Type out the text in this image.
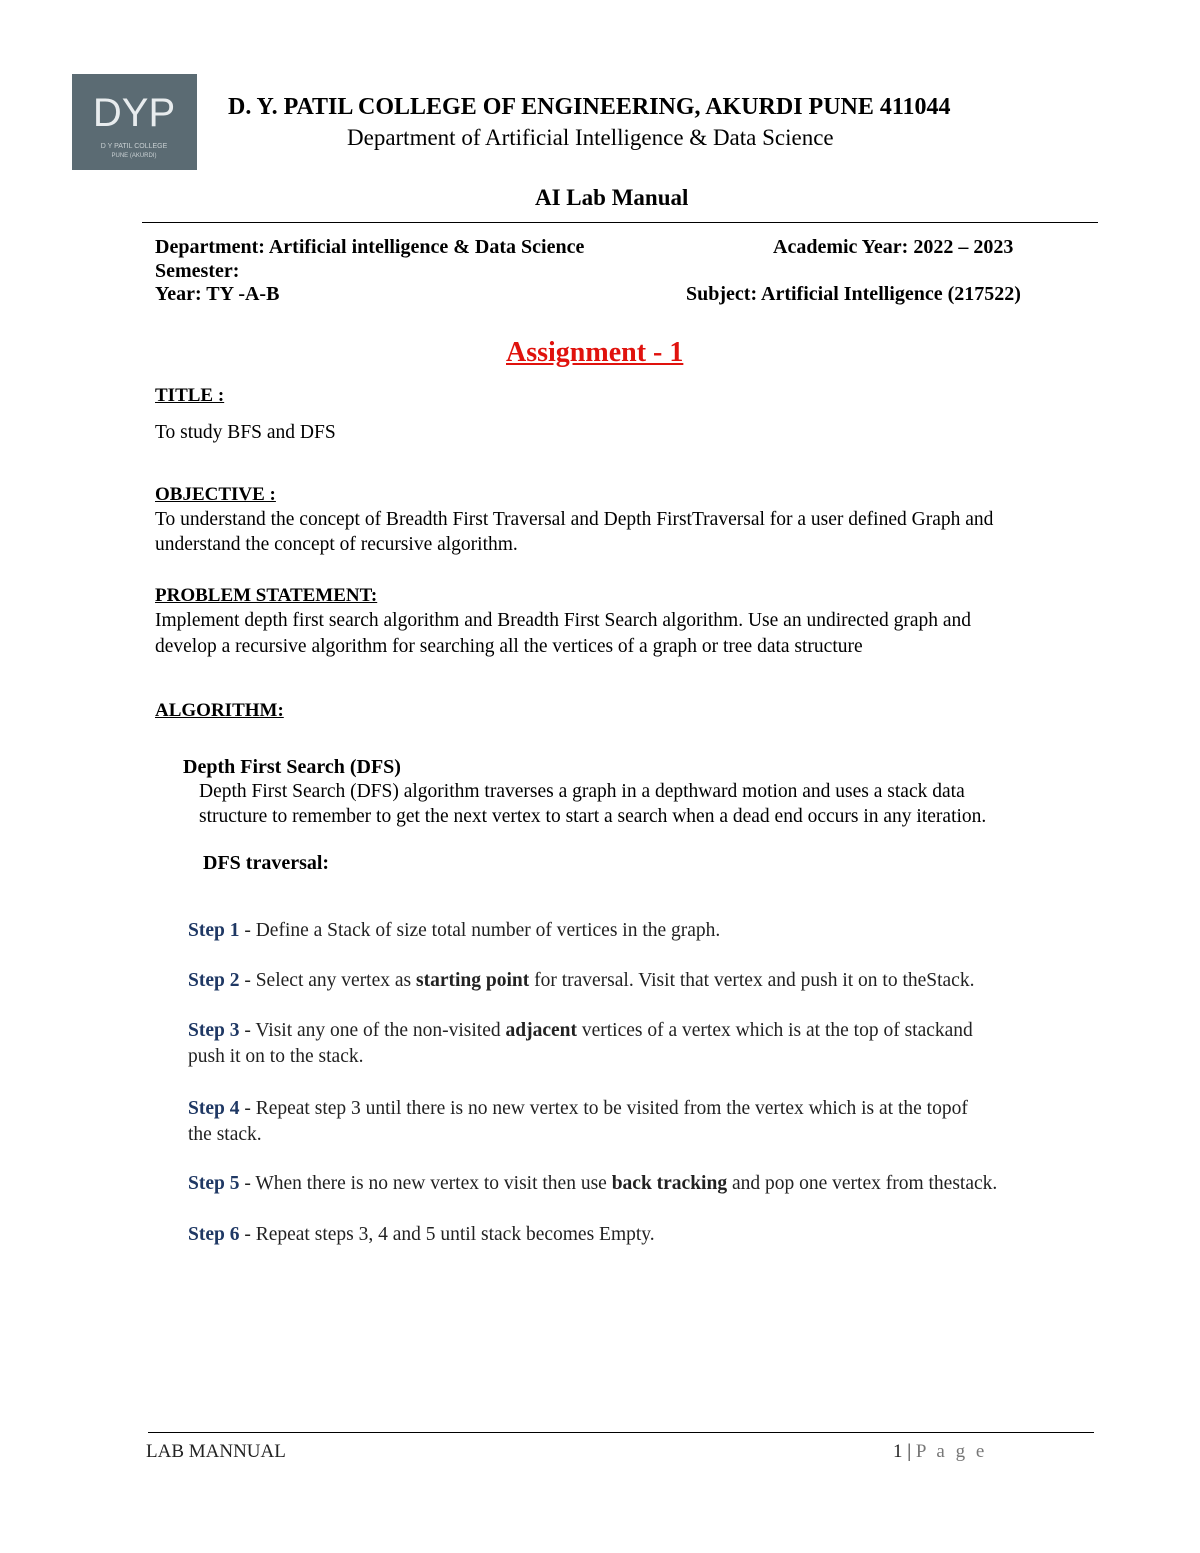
DYP
D Y PATIL COLLEGE
PUNE (AKURDI)
D. Y. PATIL COLLEGE OF ENGINEERING, AKURDI PUNE 411044
Department of Artificial Intelligence & Data Science
AI Lab Manual
Department: Artificial intelligence & Data Science	Academic Year: 2022 – 2023
Semester:
Year: TY -A-B	Subject: Artificial Intelligence (217522)
Assignment - 1
TITLE :
To study BFS and DFS
OBJECTIVE :
To understand the concept of Breadth First Traversal and Depth FirstTraversal for a user defined Graph and
understand the concept of recursive algorithm.
PROBLEM STATEMENT:
Implement depth first search algorithm and Breadth First Search algorithm. Use an undirected graph and
develop a recursive algorithm for searching all the vertices of a graph or tree data structure
ALGORITHM:
Depth First Search (DFS)
Depth First Search (DFS) algorithm traverses a graph in a depthward motion and uses a stack data
structure to remember to get the next vertex to start a search when a dead end occurs in any iteration.
DFS traversal:
Step 1 - Define a Stack of size total number of vertices in the graph.
Step 2 - Select any vertex as starting point for traversal. Visit that vertex and push it on to theStack.
Step 3 - Visit any one of the non-visited adjacent vertices of a vertex which is at the top of stackand
push it on to the stack.
Step 4 - Repeat step 3 until there is no new vertex to be visited from the vertex which is at the topof
the stack.
Step 5 - When there is no new vertex to visit then use back tracking and pop one vertex from thestack.
Step 6 - Repeat steps 3, 4 and 5 until stack becomes Empty.
LAB MANNUAL	1 | P a g e
